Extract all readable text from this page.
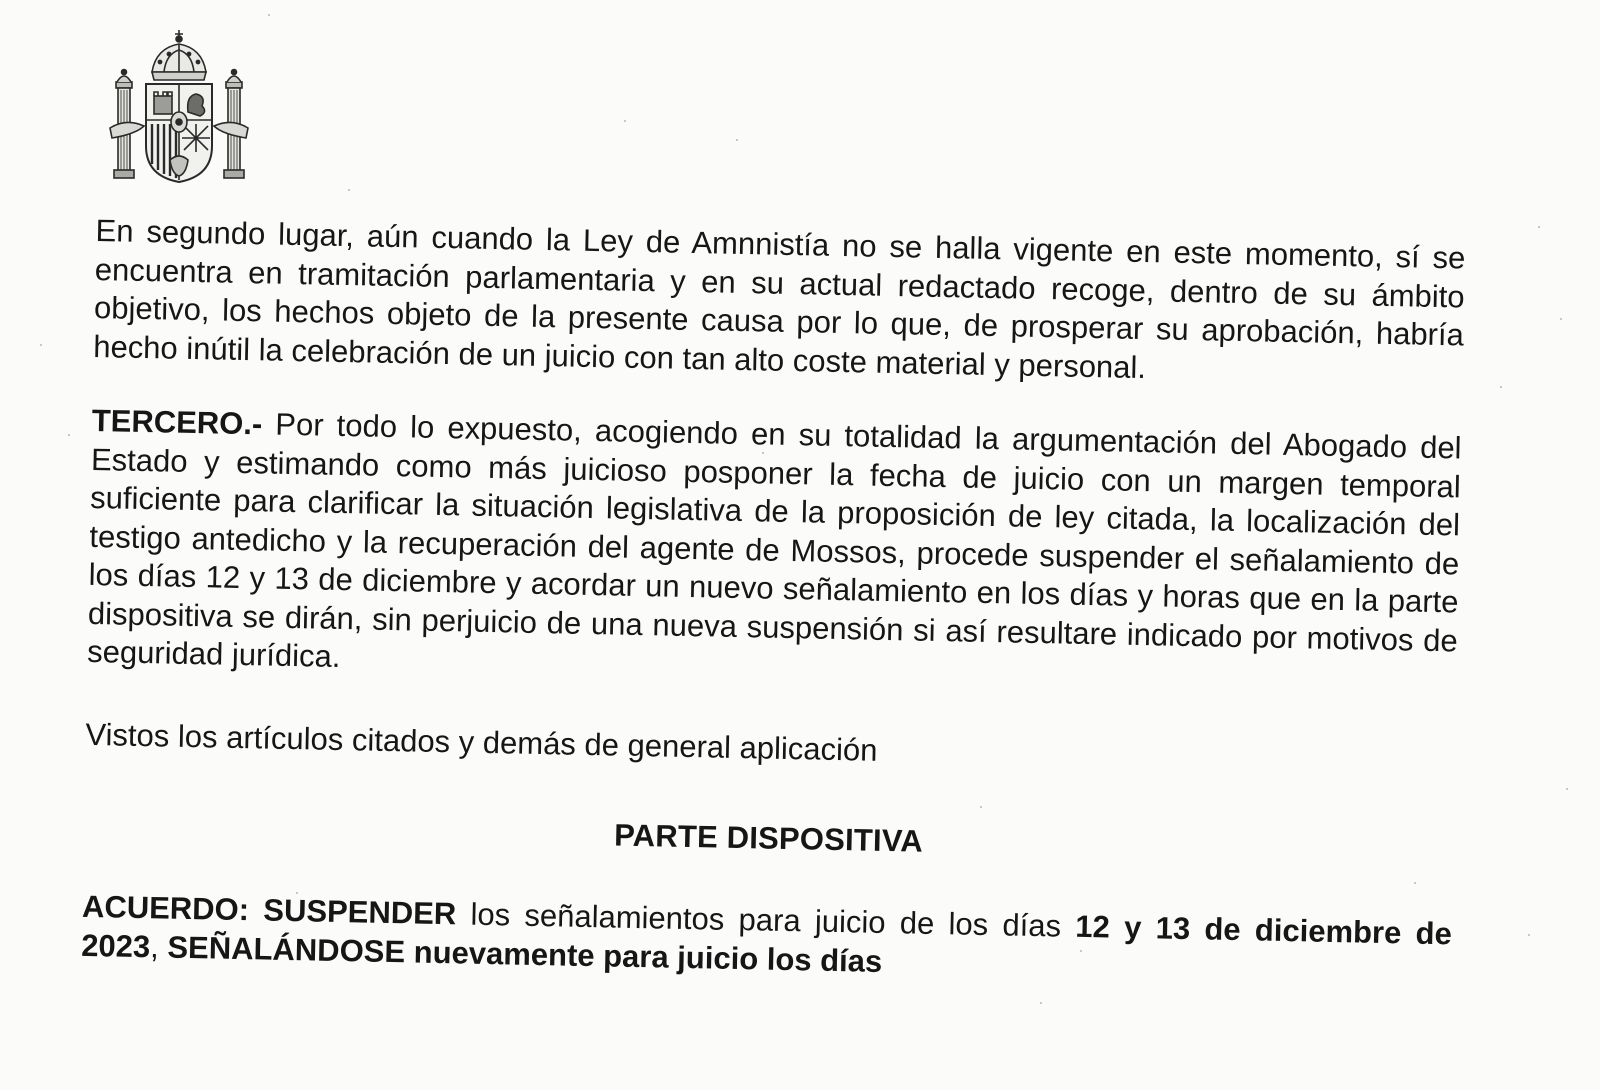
En segundo lugar, aún cuando la Ley de Amnnistía no se halla vigente en este momento, sí se encuentra en tramitación parlamentaria y en su actual redactado recoge, dentro de su ámbito objetivo, los hechos objeto de la presente causa por lo que, de prosperar su aprobación, habría hecho inútil la celebración de un juicio con tan alto coste material y personal.

TERCERO.- Por todo lo expuesto, acogiendo en su totalidad la argumentación del Abogado del Estado y estimando como más juicioso posponer la fecha de juicio con un margen temporal suficiente para clarificar la situación legislativa de la proposición de ley citada, la localización del testigo antedicho y la recuperación del agente de Mossos, procede suspender el señalamiento de los días 12 y 13 de diciembre y acordar un nuevo señalamiento en los días y horas que en la parte dispositiva se dirán, sin perjuicio de una nueva suspensión si así resultare indicado por motivos de seguridad jurídica.

Vistos los artículos citados y demás de general aplicación

PARTE DISPOSITIVA

ACUERDO: SUSPENDER los señalamientos para juicio de los días 12 y 13 de diciembre de 2023, SEÑALÁNDOSE nuevamente para juicio los días
